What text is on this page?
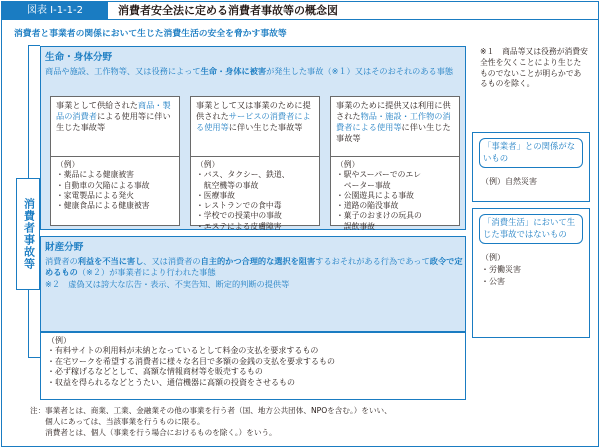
図表 Ⅰ-1-1-2	消費者安全法に定める消費者事故等の概念図
消費者と事業者の関係において生じた消費生活の安全を脅かす事故等
消費者事故等
生命・身体分野
商品や施設、工作物等、又は役務によって生命・身体に被害が発生した事故（※１）又はそのおそれのある事態
事業として供給された商品・製品の消費者による使用等に伴い生じた事故等
（例）
・薬品による健康被害
・自動車の欠陥による事故
・家電製品による発火
・健康食品による健康被害
事業として又は事業のために提供されたサービスの消費者による使用等に伴い生じた事故等
（例）
・バス、タクシー、鉄道、
　航空機等の事故
・医療事故
・レストランでの食中毒
・学校での授業中の事故
・エステによる皮膚障害
事業のために提供又は利用に供された物品・施設・工作物の消費者による使用等に伴い生じた事故等
（例）
・駅やスーパーでのエレ
　ベーター事故
・公園遊具による事故
・道路の陥没事故
・菓子のおまけの玩具の
　誤飲事故
財産分野
消費者の利益を不当に害し、又は消費者の自主的かつ合理的な選択を阻害するおそれがある行為であって政令で定めるもの（※２）が事業者により行われた事態
※２　虚偽又は誇大な広告・表示、不実告知、断定的判断の提供等
（例）
・有料サイトの利用料が未納となっているとして料金の支払を要求するもの
・在宅ワークを希望する消費者に様々な名目で多額の金銭の支払を要求するもの
・必ず稼げるなどとして、高額な情報商材等を販売するもの
・収益を得られるなどとうたい、通信機器に高額の投資をさせるもの
※１　商品等又は役務が消費安全性を欠くことにより生じたものでないことが明らかであるものを除く。
「事業者」との関係がないもの
（例）自然災害
「消費生活」において生じた事故ではないもの
（例）
・労働災害
・公害
注：事業者とは、商業、工業、金融業その他の事業を行う者（国、地方公共団体、NPOを含む。）をいい、
　　個人にあっては、当該事業を行うものに限る。
　　消費者とは、個人（事業を行う場合におけるものを除く。）をいう。
